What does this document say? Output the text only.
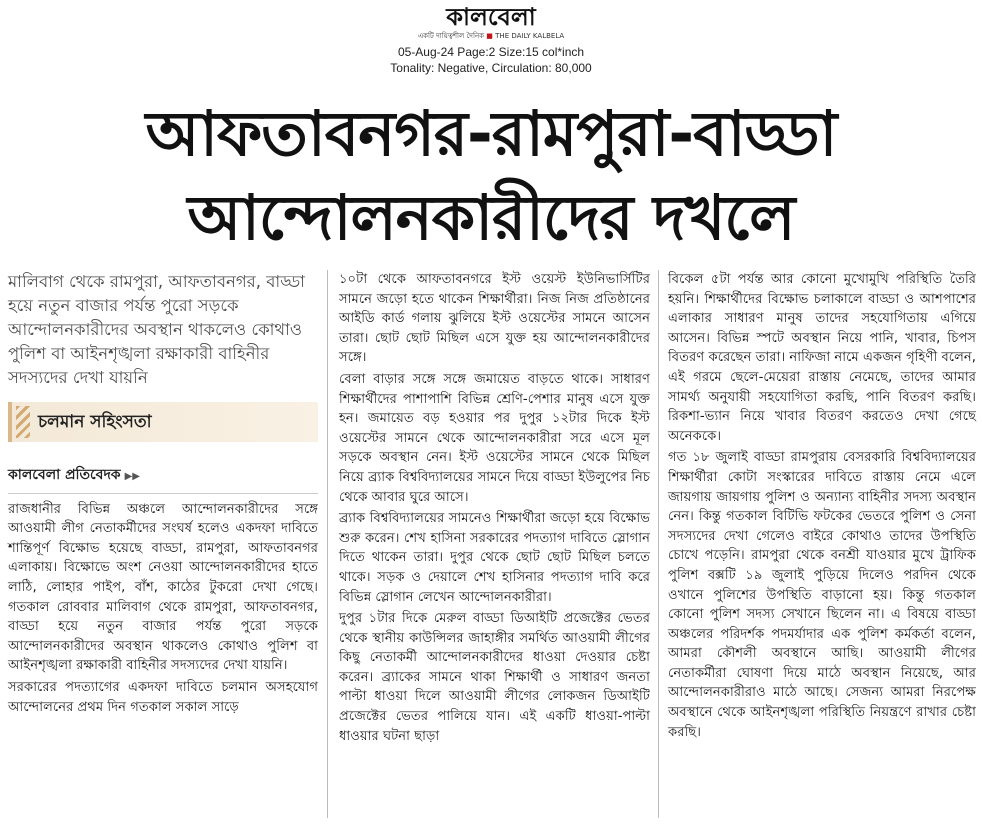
কালবেলা
একটি দায়িত্বশীল দৈনিক ■ THE DAILY KALBELA
05-Aug-24 Page:2 Size:15 col*inch
Tonality: Negative, Circulation: 80,000
আফতাবনগর-রামপুরা-বাড্ডা
আন্দোলনকারীদের দখলে
মালিবাগ থেকে রামপুরা, আফতাবনগর, বাড্ডা হয়ে নতুন বাজার পর্যন্ত পুরো সড়কে আন্দোলনকারীদের অবস্থান থাকলেও কোথাও পুলিশ বা আইনশৃঙ্খলা রক্ষাকারী বাহিনীর সদস্যদের দেখা যায়নি
চলমান সহিংসতা
কালবেলা প্রতিবেদক ▶▶

রাজধানীর বিভিন্ন অঞ্চলে আন্দোলনকারীদের সঙ্গে আওয়ামী লীগ নেতাকর্মীদের সংঘর্ষ হলেও একদফা দাবিতে শান্তিপূর্ণ বিক্ষোভ হয়েছে বাড্ডা, রামপুরা, আফতাবনগর এলাকায়। বিক্ষোভে অংশ নেওয়া আন্দোলনকারীদের হাতে লাঠি, লোহার পাইপ, বাঁশ, কাঠের টুকরো দেখা গেছে। গতকাল রোববার মালিবাগ থেকে রামপুরা, আফতাবনগর, বাড্ডা হয়ে নতুন বাজার পর্যন্ত পুরো সড়কে আন্দোলনকারীদের অবস্থান থাকলেও কোথাও পুলিশ বা আইনশৃঙ্খলা রক্ষাকারী বাহিনীর সদস্যদের দেখা যায়নি।

সরকারের পদত্যাগের একদফা দাবিতে চলমান অসহযোগ আন্দোলনের প্রথম দিন গতকাল সকাল সাড়ে

১০টা থেকে আফতাবনগরে ইস্ট ওয়েস্ট ইউনিভার্সিটির সামনে জড়ো হতে থাকেন শিক্ষার্থীরা। নিজ নিজ প্রতিষ্ঠানের আইডি কার্ড গলায় ঝুলিয়ে ইস্ট ওয়েস্টের সামনে আসেন তারা। ছোট ছোট মিছিল এসে যুক্ত হয় আন্দোলনকারীদের সঙ্গে।

বেলা বাড়ার সঙ্গে সঙ্গে জমায়েত বাড়তে থাকে। সাধারণ শিক্ষার্থীদের পাশাপাশি বিভিন্ন শ্রেণি-পেশার মানুষ এসে যুক্ত হন। জমায়েত বড় হওয়ার পর দুপুর ১২টার দিকে ইস্ট ওয়েস্টের সামনে থেকে আন্দোলনকারীরা সরে এসে মূল সড়কে অবস্থান নেন। ইস্ট ওয়েস্টের সামনে থেকে মিছিল নিয়ে ব্র্যাক বিশ্ববিদ্যালয়ের সামনে দিয়ে বাড্ডা ইউলুপের নিচ থেকে আবার ঘুরে আসে।

ব্র্যাক বিশ্ববিদ্যালয়ের সামনেও শিক্ষার্থীরা জড়ো হয়ে বিক্ষোভ শুরু করেন। শেখ হাসিনা সরকারের পদত্যাগ দাবিতে স্লোগান দিতে থাকেন তারা। দুপুর থেকে ছোট ছোট মিছিল চলতে থাকে। সড়ক ও দেয়ালে শেখ হাসিনার পদত্যাগ দাবি করে বিভিন্ন স্লোগান লেখেন আন্দোলনকারীরা।

দুপুর ১টার দিকে মেরুল বাড্ডা ডিআইটি প্রজেক্টের ভেতর থেকে স্থানীয় কাউন্সিলর জাহাঙ্গীর সমর্থিত আওয়ামী লীগের কিছু নেতাকর্মী আন্দোলনকারীদের ধাওয়া দেওয়ার চেষ্টা করেন। ব্র্যাকের সামনে থাকা শিক্ষার্থী ও সাধারণ জনতা পাল্টা ধাওয়া দিলে আওয়ামী লীগের লোকজন ডিআইটি প্রজেক্টের ভেতর পালিয়ে যান। এই একটি ধাওয়া-পাল্টা ধাওয়ার ঘটনা ছাড়া

বিকেল ৫টা পর্যন্ত আর কোনো মুখোমুখি পরিস্থিতি তৈরি হয়নি। শিক্ষার্থীদের বিক্ষোভ চলাকালে বাড্ডা ও আশপাশের এলাকার সাধারণ মানুষ তাদের সহযোগিতায় এগিয়ে আসেন। বিভিন্ন স্পটে অবস্থান নিয়ে পানি, খাবার, চিপস বিতরণ করেছেন তারা। নাফিজা নামে একজন গৃহিণী বলেন, এই গরমে ছেলে-মেয়েরা রাস্তায় নেমেছে, তাদের আমার সামর্থ্য অনুযায়ী সহযোগিতা করছি, পানি বিতরণ করছি। রিকশা-ভ্যান নিয়ে খাবার বিতরণ করতেও দেখা গেছে অনেককে।

গত ১৮ জুলাই বাড্ডা রামপুরায় বেসরকারি বিশ্ববিদ্যালয়ের শিক্ষার্থীরা কোটা সংস্কারের দাবিতে রাস্তায় নেমে এলে জায়গায় জায়গায় পুলিশ ও অন্যান্য বাহিনীর সদস্য অবস্থান নেন। কিন্তু গতকাল বিটিভি ফটকের ভেতরে পুলিশ ও সেনা সদস্যদের দেখা গেলেও বাইরে কোথাও তাদের উপস্থিতি চোখে পড়েনি। রামপুরা থেকে বনশ্রী যাওয়ার মুখে ট্রাফিক পুলিশ বক্সটি ১৯ জুলাই পুড়িয়ে দিলেও পরদিন থেকে ওখানে পুলিশের উপস্থিতি বাড়ানো হয়। কিন্তু গতকাল কোনো পুলিশ সদস্য সেখানে ছিলেন না। এ বিষয়ে বাড্ডা অঞ্চলের পরিদর্শক পদমর্যাদার এক পুলিশ কর্মকর্তা বলেন, আমরা কৌশলী অবস্থানে আছি। আওয়ামী লীগের নেতাকর্মীরা ঘোষণা দিয়ে মাঠে অবস্থান নিয়েছে, আর আন্দোলনকারীরাও মাঠে আছে। সেজন্য আমরা নিরপেক্ষ অবস্থানে থেকে আইনশৃঙ্খলা পরিস্থিতি নিয়ন্ত্রণে রাখার চেষ্টা করছি।
